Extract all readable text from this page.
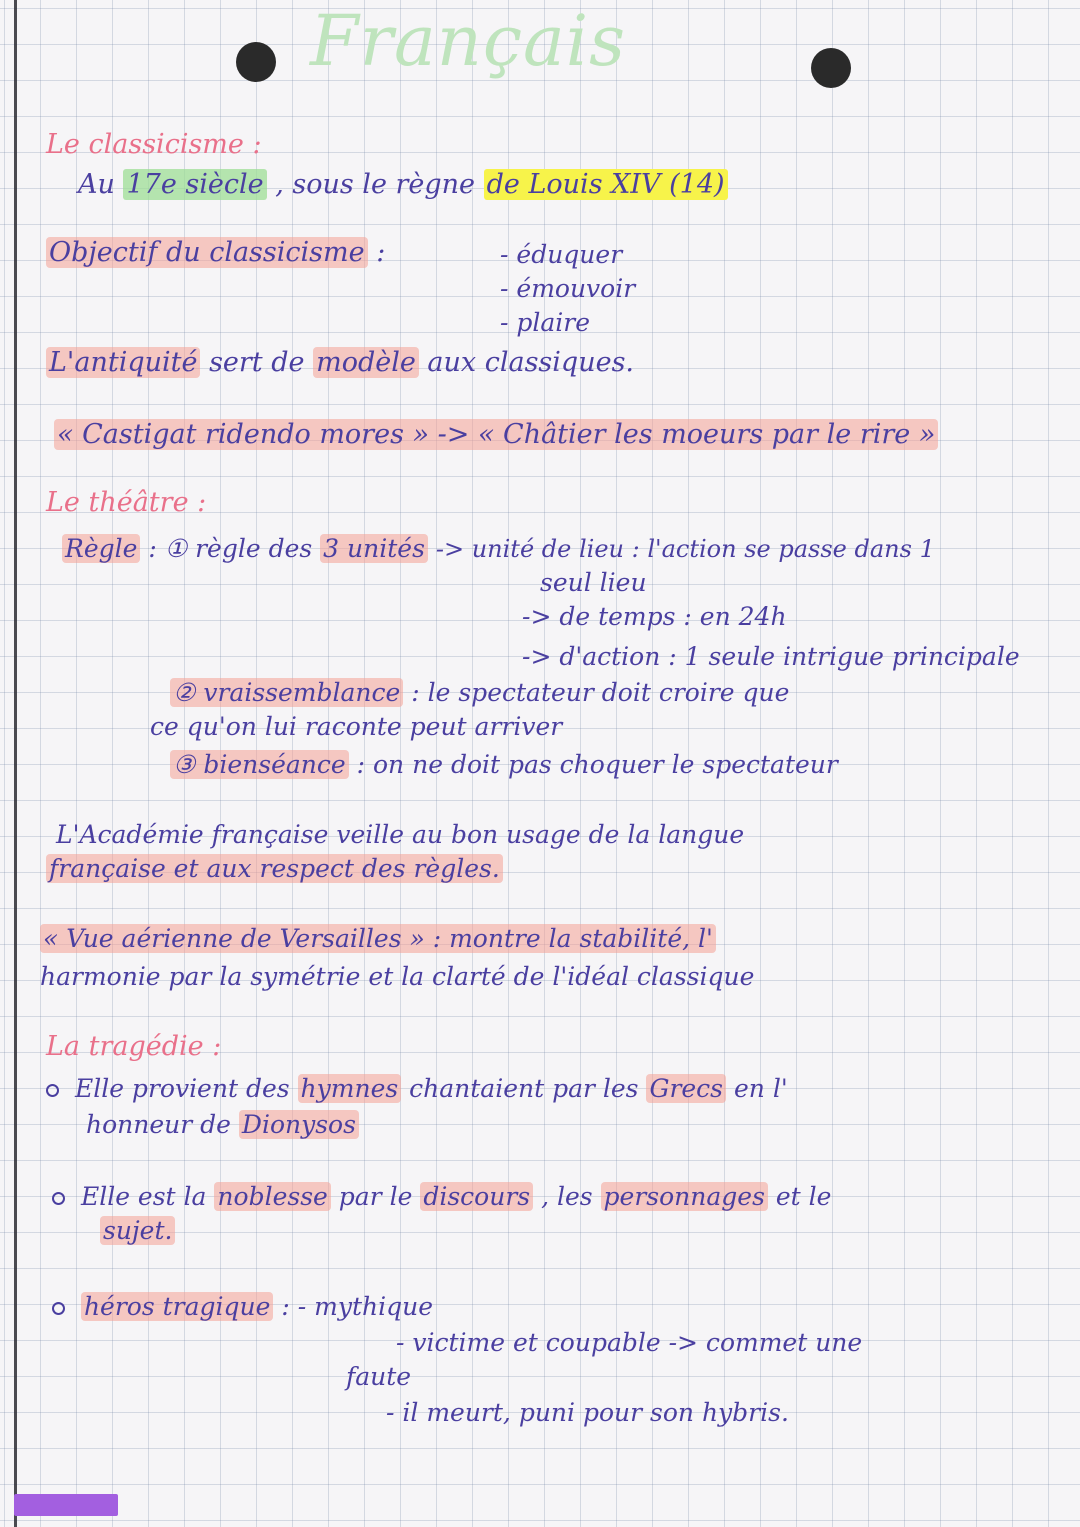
Français
Le classicisme :
Au 17e siècle , sous le règne de Louis XIV (14)
Objectif du classicisme :	- éduquer
- émouvoir
- plaire
L'antiquité sert de modèle aux classiques.
« Castigat ridendo mores » -> « Châtier les moeurs par le rire »
Le théâtre :
Règle : ① règle des 3 unités -> unité de lieu : l'action se passe dans 1
seul lieu
-> de temps : en 24h
-> d'action : 1 seule intrigue principale
② vraissemblance : le spectateur doit croire que
ce qu'on lui raconte peut arriver
③ bienséance : on ne doit pas choquer le spectateur
L'Académie française veille au bon usage de la langue
française et aux respect des règles.
« Vue aérienne de Versailles » : montre la stabilité, l'
harmonie par la symétrie et la clarté de l'idéal classique
La tragédie :
Elle provient des hymnes chantaient par les Grecs en l'
honneur de Dionysos
Elle est la noblesse par le discours , les personnages et le
sujet.
héros tragique : - mythique
- victime et coupable -> commet une
faute
- il meurt, puni pour son hybris.
